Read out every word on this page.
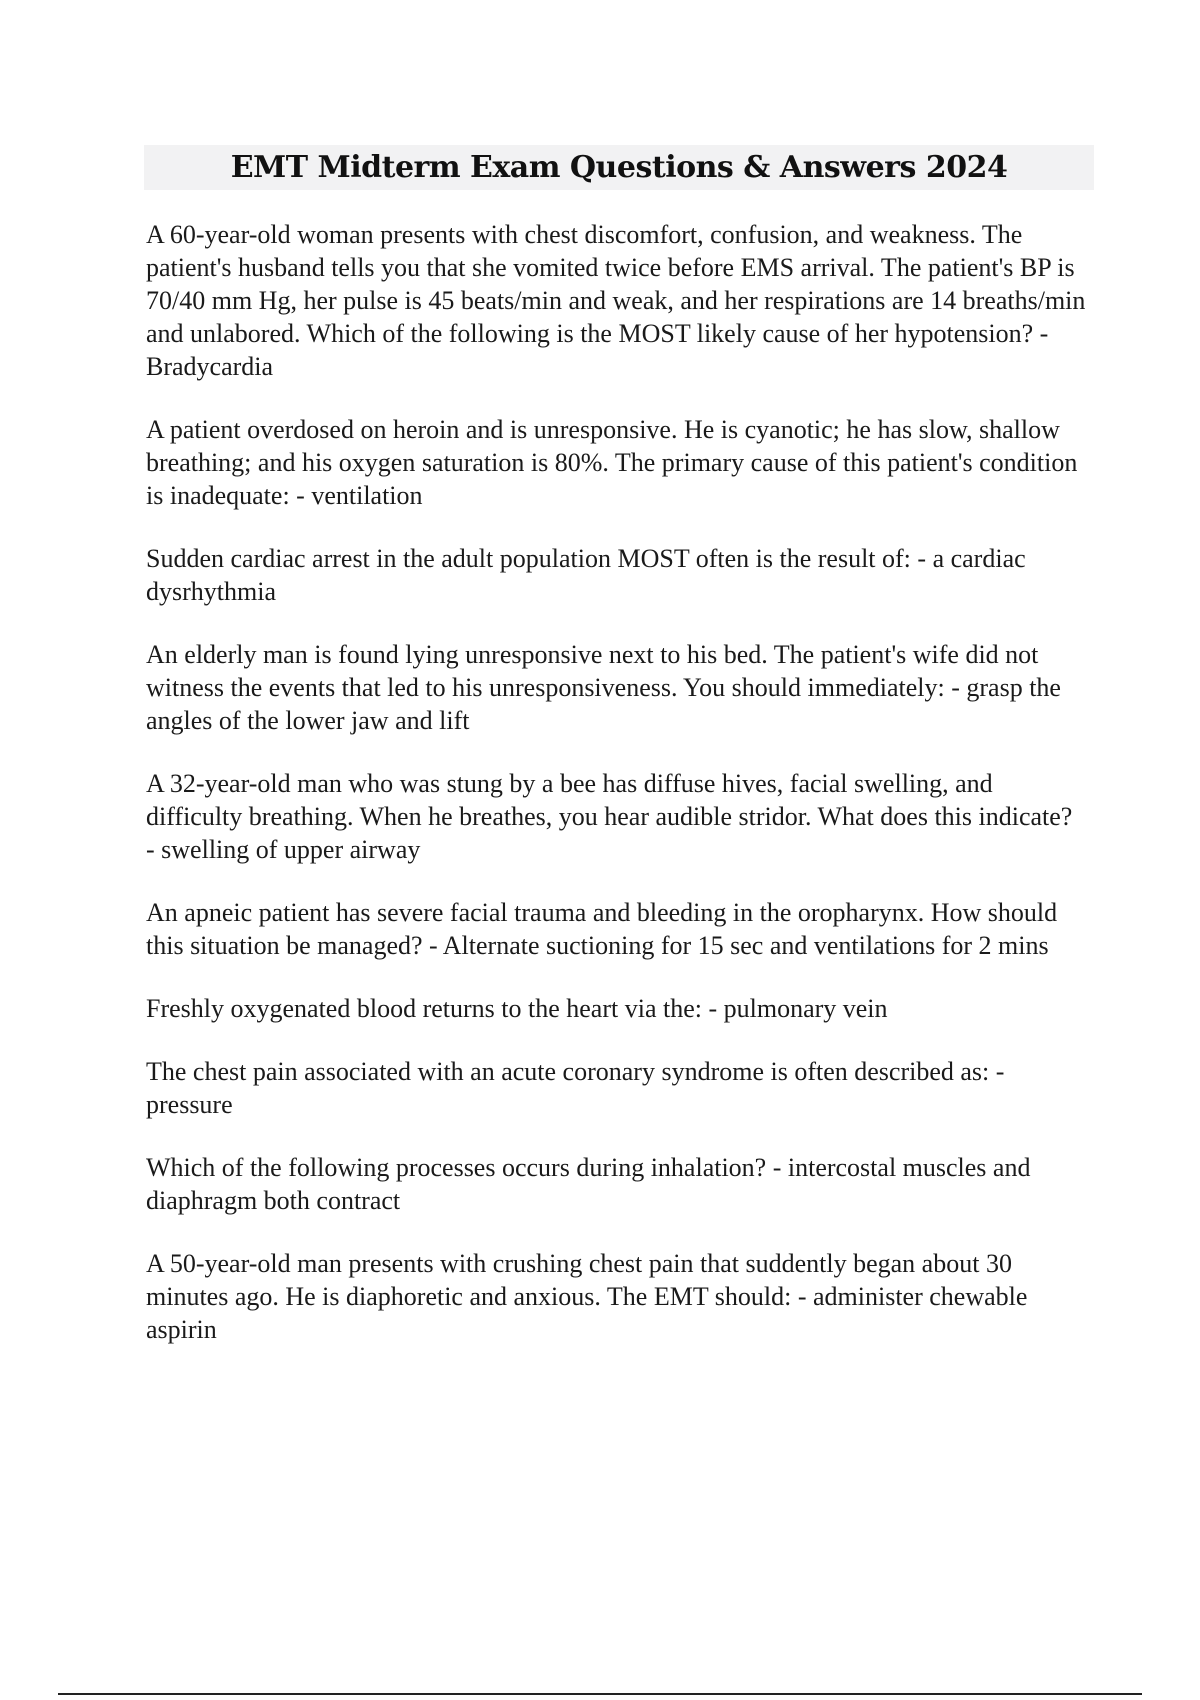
EMT Midterm Exam Questions & Answers 2024
A 60-year-old woman presents with chest discomfort, confusion, and weakness. The patient's husband tells you that she vomited twice before EMS arrival. The patient's BP is 70/40 mm Hg, her pulse is 45 beats/min and weak, and her respirations are 14 breaths/min and unlabored. Which of the following is the MOST likely cause of her hypotension? - Bradycardia
A patient overdosed on heroin and is unresponsive. He is cyanotic; he has slow, shallow breathing; and his oxygen saturation is 80%. The primary cause of this patient's condition is inadequate: - ventilation
Sudden cardiac arrest in the adult population MOST often is the result of: - a cardiac dysrhythmia
An elderly man is found lying unresponsive next to his bed. The patient's wife did not witness the events that led to his unresponsiveness. You should immediately: - grasp the angles of the lower jaw and lift
A 32-year-old man who was stung by a bee has diffuse hives, facial swelling, and difficulty breathing. When he breathes, you hear audible stridor. What does this indicate? - swelling of upper airway
An apneic patient has severe facial trauma and bleeding in the oropharynx. How should this situation be managed? - Alternate suctioning for 15 sec and ventilations for 2 mins
Freshly oxygenated blood returns to the heart via the: - pulmonary vein
The chest pain associated with an acute coronary syndrome is often described as: - pressure
Which of the following processes occurs during inhalation? - intercostal muscles and diaphragm both contract
A 50-year-old man presents with crushing chest pain that suddently began about 30 minutes ago. He is diaphoretic and anxious. The EMT should: - administer chewable aspirin
